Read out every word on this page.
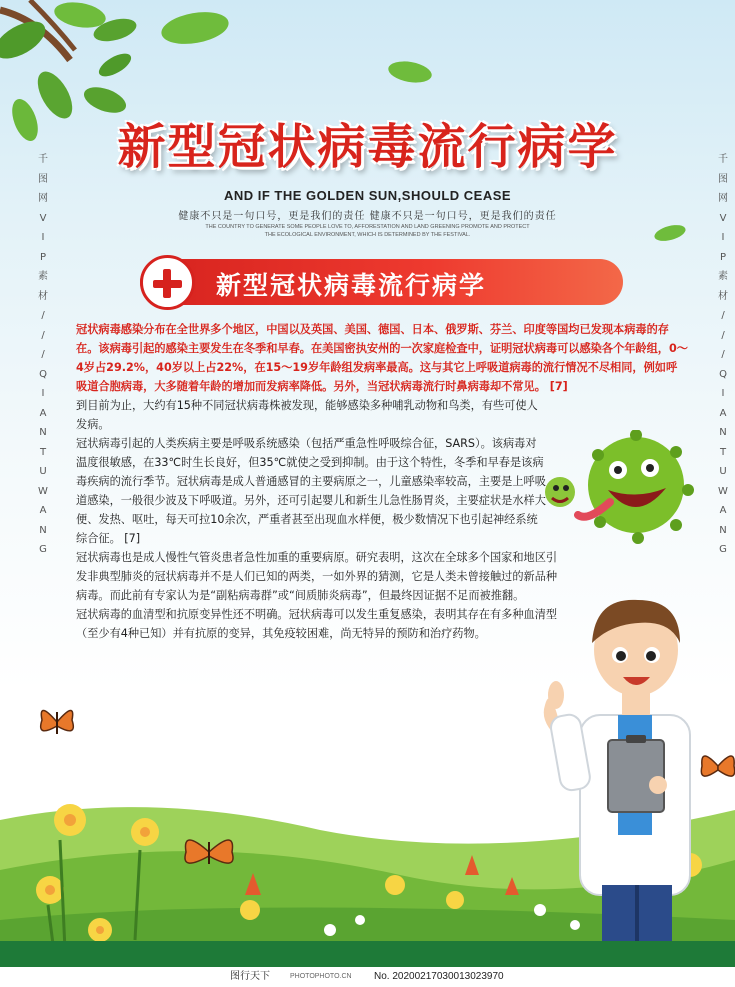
新型冠状病毒流行病学
AND IF THE GOLDEN SUN,SHOULD CEASE
健康不只是一句口号，更是我们的责任 健康不只是一句口号，更是我们的责任
THE COUNTRY TO GENERATE SOME PEOPLE LOVE TO, AFFORESTATION AND LAND GREENING PROMOTE AND PROTECT
THE ECOLOGICAL ENVIRONMENT, WHICH IS DETERMINED BY THE FESTIVAL.
千
图
网
V
I
P
素
材
/
/
/
Q
I
A
N
T
U
W
A
N
G
千
图
网
V
I
P
素
材
/
/
/
Q
I
A
N
T
U
W
A
N
G
新型冠状病毒流行病学

冠状病毒感染分布在全世界多个地区，中国以及英国、美国、德国、日本、俄罗斯、芬兰、印度等国均已发现本病毒的存在。该病毒引起的感染主要发生在冬季和早春。在美国密执安州的一次家庭检查中，证明冠状病毒可以感染各个年龄组，0～4岁占29.2%，40岁以上占22%，在15～19岁年龄组发病率最高。这与其它上呼吸道病毒的流行情况不尽相同，例如呼吸道合胞病毒，大多随着年龄的增加而发病率降低。另外，当冠状病毒流行时鼻病毒却不常见。 [7]

到目前为止，大约有15种不同冠状病毒株被发现，能够感染多种哺乳动物和鸟类，有些可使人发病。

冠状病毒引起的人类疾病主要是呼吸系统感染（包括严重急性呼吸综合征，SARS）。该病毒对温度很敏感，在33℃时生长良好，但35℃就使之受到抑制。由于这个特性，冬季和早春是该病毒疾病的流行季节。冠状病毒是成人普通感冒的主要病原之一，儿童感染率较高，主要是上呼吸道感染，一般很少波及下呼吸道。另外，还可引起婴儿和新生儿急性肠胃炎，主要症状是水样大便、发热、呕吐，每天可拉10余次，严重者甚至出现血水样便，极少数情况下也引起神经系统综合征。 [7]

冠状病毒也是成人慢性气管炎患者急性加重的重要病原。研究表明，这次在全球多个国家和地区引发非典型肺炎的冠状病毒并不是人们已知的两类，一如外界的猜测，它是人类未曾接触过的新品种病毒。而此前有专家认为是“副粘病毒群”或“间质肺炎病毒”，但最终因证据不足而被推翻。

冠状病毒的血清型和抗原变异性还不明确。冠状病毒可以发生重复感染，表明其存在有多种血清型（至少有4种已知）并有抗原的变异，其免疫较困难，尚无特异的预防和治疗药物。

图行天下	PHOTOPHOTO.CN No. 20200217030013023970
